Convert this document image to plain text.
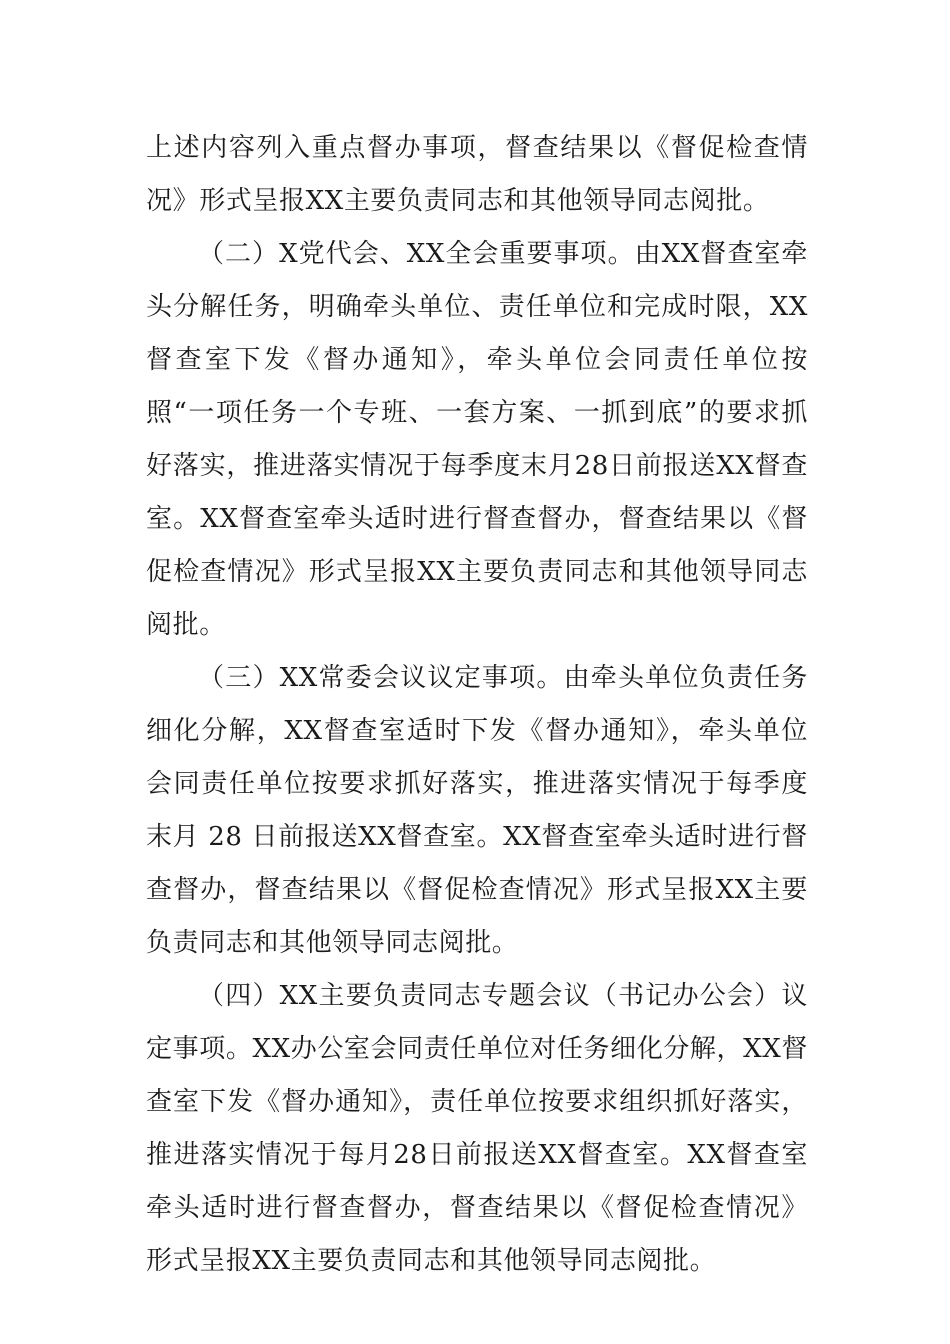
上述内容列入重点督办事项，督查结果以《督促检查情况》形式呈报XX主要负责同志和其他领导同志阅批。

（二）X党代会、XX全会重要事项。由XX督查室牵头分解任务，明确牵头单位、责任单位和完成时限，XX督查室下发《督办通知》，牵头单位会同责任单位按照“一项任务一个专班、一套方案、一抓到底”的要求抓好落实，推进落实情况于每季度末月28日前报送XX督查室。XX督查室牵头适时进行督查督办，督查结果以《督促检查情况》形式呈报XX主要负责同志和其他领导同志阅批。

（三）XX常委会议议定事项。由牵头单位负责任务细化分解，XX督查室适时下发《督办通知》，牵头单位会同责任单位按要求抓好落实，推进落实情况于每季度末月 28 日前报送XX督查室。XX督查室牵头适时进行督查督办，督查结果以《督促检查情况》形式呈报XX主要负责同志和其他领导同志阅批。

（四）XX主要负责同志专题会议（书记办公会）议定事项。XX办公室会同责任单位对任务细化分解，XX督查室下发《督办通知》，责任单位按要求组织抓好落实，推进落实情况于每月28日前报送XX督查室。XX督查室牵头适时进行督查督办，督查结果以《督促检查情况》形式呈报XX主要负责同志和其他领导同志阅批。
